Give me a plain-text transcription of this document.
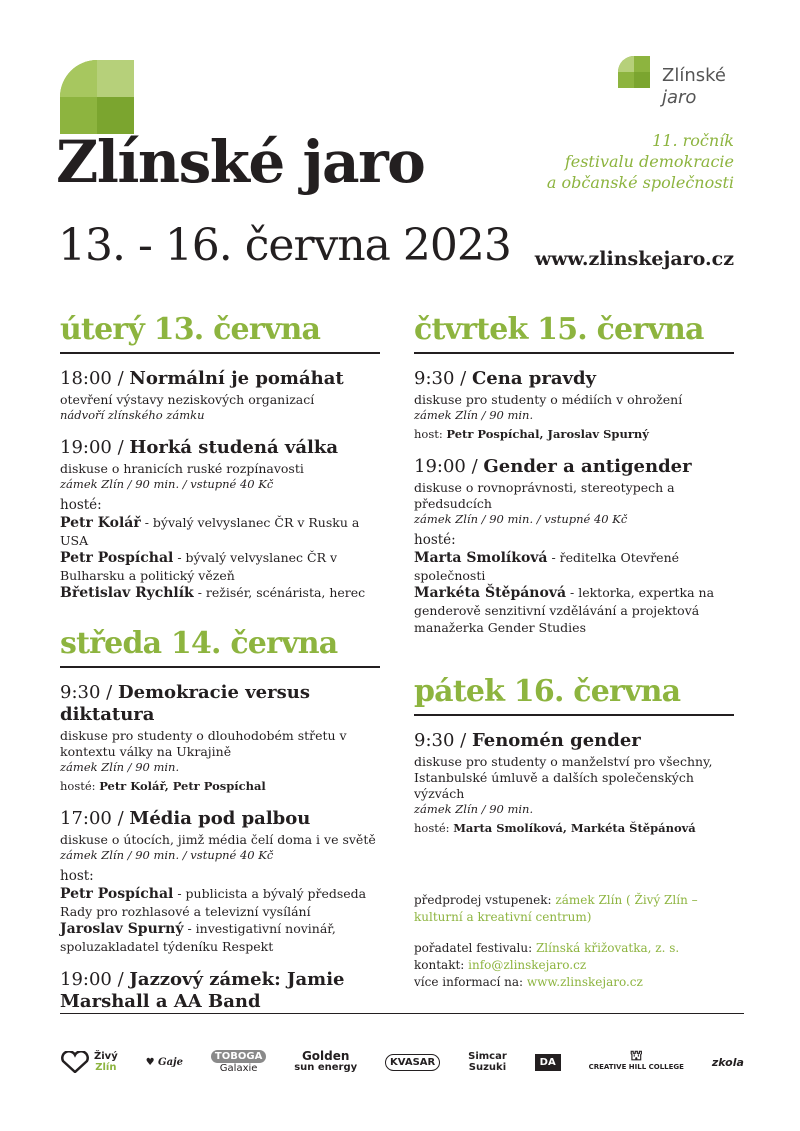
Zlínské
jaro
11. ročník
festivalu demokracie
a občanské společnosti
Zlínské jaro
13. - 16. června 2023 www.zlinskejaro.cz
úterý 13. června
18:00 / Normální je pomáhat
otevření výstavy neziskových organizací
nádvoří zlínského zámku
19:00 / Horká studená válka
diskuse o hranicích ruské rozpínavosti
zámek Zlín / 90 min. / vstupné 40 Kč
hosté:
Petr Kolář - bývalý velvyslanec ČR v Rusku a USA
Petr Pospíchal - bývalý velvyslanec ČR v Bulharsku a politický vězeň
Břetislav Rychlík - režisér, scénárista, herec
středa 14. června
9:30 / Demokracie versus diktatura
diskuse pro studenty o dlouhodobém střetu v kontextu války na Ukrajině
zámek Zlín / 90 min.
hosté: Petr Kolář, Petr Pospíchal
17:00 / Média pod palbou
diskuse o útocích, jimž média čelí doma i ve světě
zámek Zlín / 90 min. / vstupné 40 Kč
host:
Petr Pospíchal - publicista a bývalý předseda Rady pro rozhlasové a televizní vysílání
Jaroslav Spurný - investigativní novinář, spoluzakladatel týdeníku Respekt
19:00 / Jazzový zámek: Jamie Marshall a AA Band
čtvrtek 15. června
9:30 / Cena pravdy
diskuse pro studenty o médiích v ohrožení
zámek Zlín / 90 min.
host: Petr Pospíchal, Jaroslav Spurný
19:00 / Gender a antigender
diskuse o rovnoprávnosti, stereotypech a předsudcích
zámek Zlín / 90 min. / vstupné 40 Kč
hosté:
Marta Smolíková - ředitelka Otevřené společnosti
Markéta Štěpánová - lektorka, expertka na genderově senzitivní vzdělávání a projektová manažerka Gender Studies
pátek 16. června
9:30 / Fenomén gender
diskuse pro studenty o manželství pro všechny, Istanbulské úmluvě a dalších společenských výzvách
zámek Zlín / 90 min.
hosté: Marta Smolíková, Markéta Štěpánová
předprodej vstupenek: zámek Zlín ( Živý Zlín – kulturní a kreativní centrum)
pořadatel festivalu: Zlínská křižovatka, z. s.
kontakt: info@zlinskejaro.cz
více informací na: www.zlinskejaro.cz
Živý
Zlín	♥ Gaje	TOBOGA
Galaxie
Golden
sun energy	KVASAR	Simcar
Suzuki	DA	⛫
CREATIVE HILL COLLEGE	zkola
